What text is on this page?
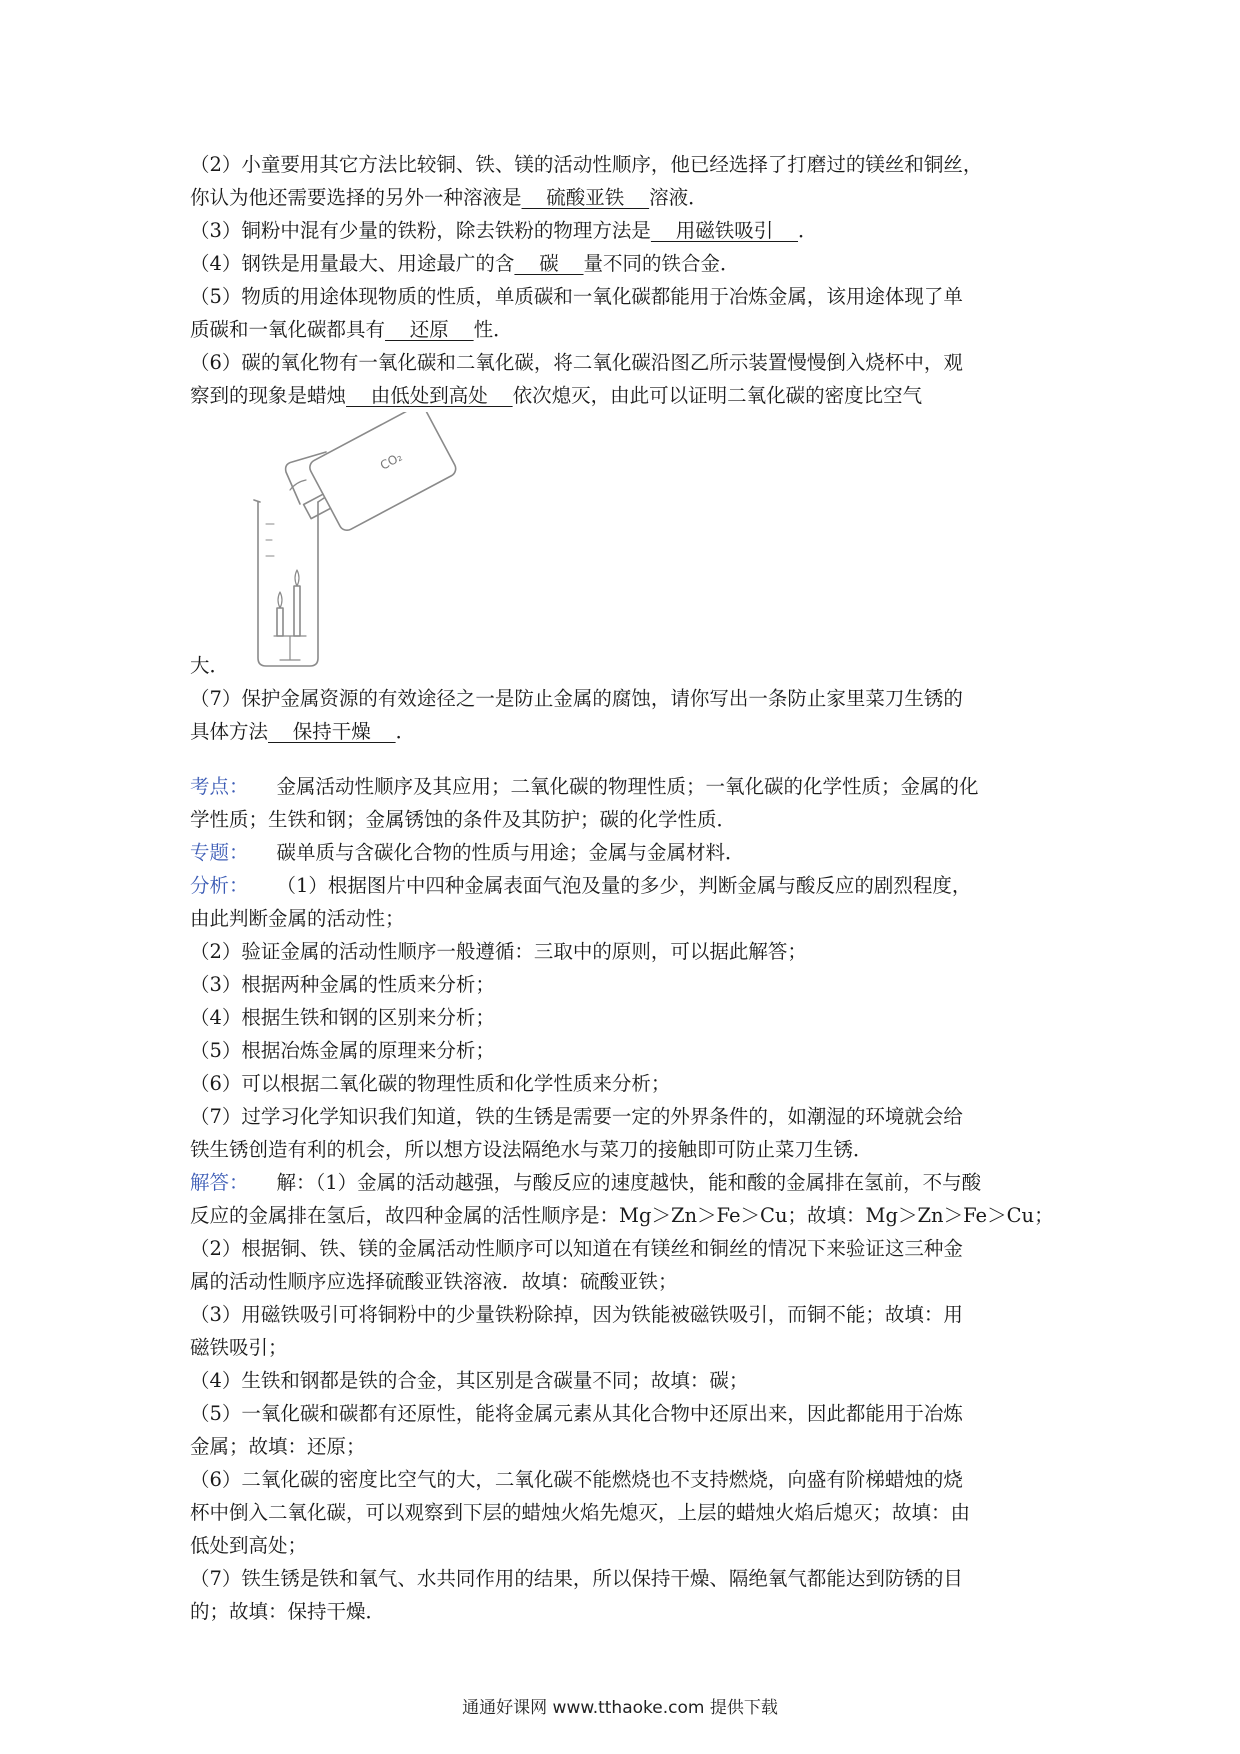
（2）小童要用其它方法比较铜、铁、镁的活动性顺序，他已经选择了打磨过的镁丝和铜丝，

你认为他还需要选择的另外一种溶液是    硫酸亚铁    溶液．

（3）铜粉中混有少量的铁粉，除去铁粉的物理方法是    用磁铁吸引    ．

（4）钢铁是用量最大、用途最广的含    碳    量不同的铁合金．

（5）物质的用途体现物质的性质，单质碳和一氧化碳都能用于冶炼金属，该用途体现了单

质碳和一氧化碳都具有    还原    性．

（6）碳的氧化物有一氧化碳和二氧化碳，将二氧化碳沿图乙所示装置慢慢倒入烧杯中，观

察到的现象是蜡烛    由低处到高处    依次熄灭，由此可以证明二氧化碳的密度比空气

CO₂
大．

（7）保护金属资源的有效途径之一是防止金属的腐蚀，请你写出一条防止家里菜刀生锈的

具体方法    保持干燥    ．

考点： 金属活动性顺序及其应用；二氧化碳的物理性质；一氧化碳的化学性质；金属的化

学性质；生铁和钢；金属锈蚀的条件及其防护；碳的化学性质．

专题： 碳单质与含碳化合物的性质与用途；金属与金属材料．

分析： （1）根据图片中四种金属表面气泡及量的多少，判断金属与酸反应的剧烈程度，

由此判断金属的活动性；

（2）验证金属的活动性顺序一般遵循：三取中的原则，可以据此解答；

（3）根据两种金属的性质来分析；

（4）根据生铁和钢的区别来分析；

（5）根据冶炼金属的原理来分析；

（6）可以根据二氧化碳的物理性质和化学性质来分析；

（7）过学习化学知识我们知道，铁的生锈是需要一定的外界条件的，如潮湿的环境就会给

铁生锈创造有利的机会，所以想方设法隔绝水与菜刀的接触即可防止菜刀生锈．

解答： 解：（1）金属的活动越强，与酸反应的速度越快，能和酸的金属排在氢前，不与酸

反应的金属排在氢后，故四种金属的活性顺序是：Mg＞Zn＞Fe＞Cu；故填：Mg＞Zn＞Fe＞Cu；

（2）根据铜、铁、镁的金属活动性顺序可以知道在有镁丝和铜丝的情况下来验证这三种金

属的活动性顺序应选择硫酸亚铁溶液．故填：硫酸亚铁；

（3）用磁铁吸引可将铜粉中的少量铁粉除掉，因为铁能被磁铁吸引，而铜不能；故填：用

磁铁吸引；

（4）生铁和钢都是铁的合金，其区别是含碳量不同；故填：碳；

（5）一氧化碳和碳都有还原性，能将金属元素从其化合物中还原出来，因此都能用于冶炼

金属；故填：还原；

（6）二氧化碳的密度比空气的大，二氧化碳不能燃烧也不支持燃烧，向盛有阶梯蜡烛的烧

杯中倒入二氧化碳，可以观察到下层的蜡烛火焰先熄灭，上层的蜡烛火焰后熄灭；故填：由

低处到高处；

（7）铁生锈是铁和氧气、水共同作用的结果，所以保持干燥、隔绝氧气都能达到防锈的目

的；故填：保持干燥．

通通好课网 www.tthaoke.com 提供下载
